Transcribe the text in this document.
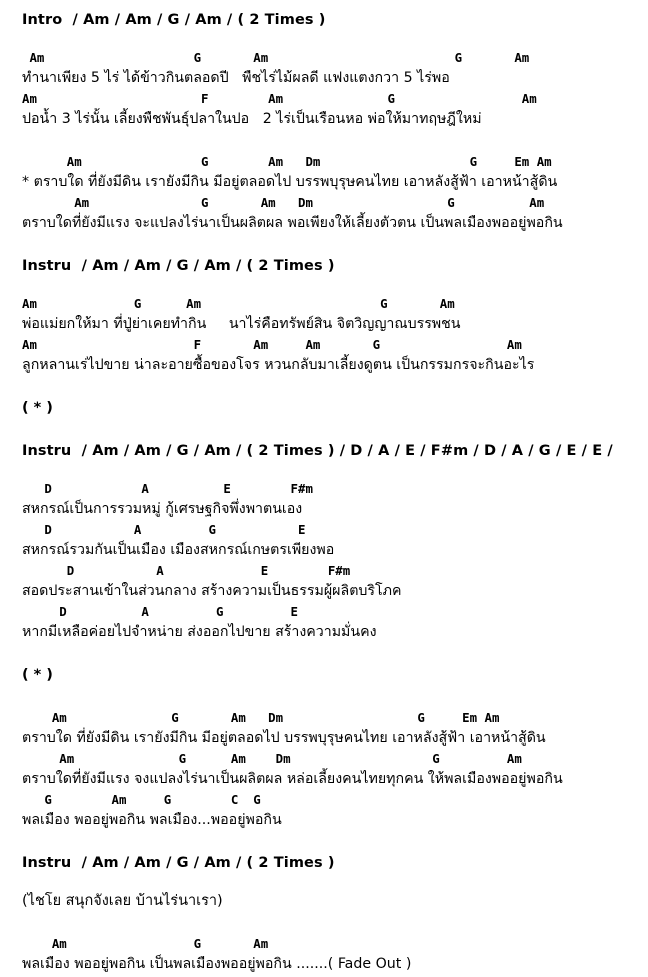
Intro  / Am / Am / G / Am / ( 2 Times )
Am                    G       Am                         G       Am
ทำนาเพียง 5 ไร่ ได้ข้าวกินตลอดปี   พืชไร่ไม้ผลดี แฟงแตงกวา 5 ไร่พอ
Am                      F        Am              G                 Am
ปอน้ำ 3 ไร่นั้น เลี้ยงพืชพันธุ์ปลาในปอ   2 ไร่เป็นเรือนหอ พ่อให้มาทฤษฎีใหม่
Am                G        Am   Dm                    G     Em Am
* ตราบใด ที่ยังมีดิน เรายังมีกิน มีอยู่ตลอดไป บรรพบุรุษคนไทย เอาหลังสู้ฟ้า เอาหน้าสู้ดิน
Am               G       Am   Dm                  G          Am
ตราบใดที่ยังมีแรง จะแปลงไร่นาเป็นผลิตผล พอเพียงให้เลี้ยงตัวตน เป็นพลเมืองพออยู่พอกิน
Instru  / Am / Am / G / Am / ( 2 Times )
Am             G      Am                        G       Am
พ่อแม่ยกให้มา ที่ปู่ย่าเคยทำกิน     นาไร่คือทรัพย์สิน จิตวิญญาณบรรพชน
Am                     F       Am     Am       G                 Am
ลูกหลานเร่ไปขาย น่าละอายซื้อของโจร หวนกลับมาเลี้ยงดูตน เป็นกรรมกรจะกินอะไร
( * )
Instru  / Am / Am / G / Am / ( 2 Times ) / D / A / E / F#m / D / A / G / E / E /
D            A          E        F#m
สหกรณ์เป็นการรวมหมู่ กู้เศรษฐกิจพึ่งพาตนเอง
D           A         G           E
สหกรณ์รวมกันเป็นเมือง เมืองสหกรณ์เกษตรเพียงพอ
D           A             E        F#m
สอดประสานเข้าในส่วนกลาง สร้างความเป็นธรรมผู้ผลิตบริโภค
D          A         G         E
หากมีเหลือค่อยไปจำหน่าย ส่งออกไปขาย สร้างความมั่นคง
( * )
Am              G       Am   Dm                  G     Em Am
ตราบใด ที่ยังมีดิน เรายังมีกิน มีอยู่ตลอดไป บรรพบุรุษคนไทย เอาหลังสู้ฟ้า เอาหน้าสู้ดิน
Am              G      Am    Dm                   G         Am
ตราบใดที่ยังมีแรง จงแปลงไร่นาเป็นผลิตผล หล่อเลี้ยงคนไทยทุกคน ให้พลเมืองพออยู่พอกิน
G        Am     G        C  G
พลเมือง พออยู่พอกิน พลเมือง...พออยู่พอกิน
Instru  / Am / Am / G / Am / ( 2 Times )
(ไชโย สนุกจังเลย บ้านไร่นาเรา)
Am                 G       Am
พลเมือง พออยู่พอกิน เป็นพลเมืองพออยู่พอกิน .......( Fade Out )
